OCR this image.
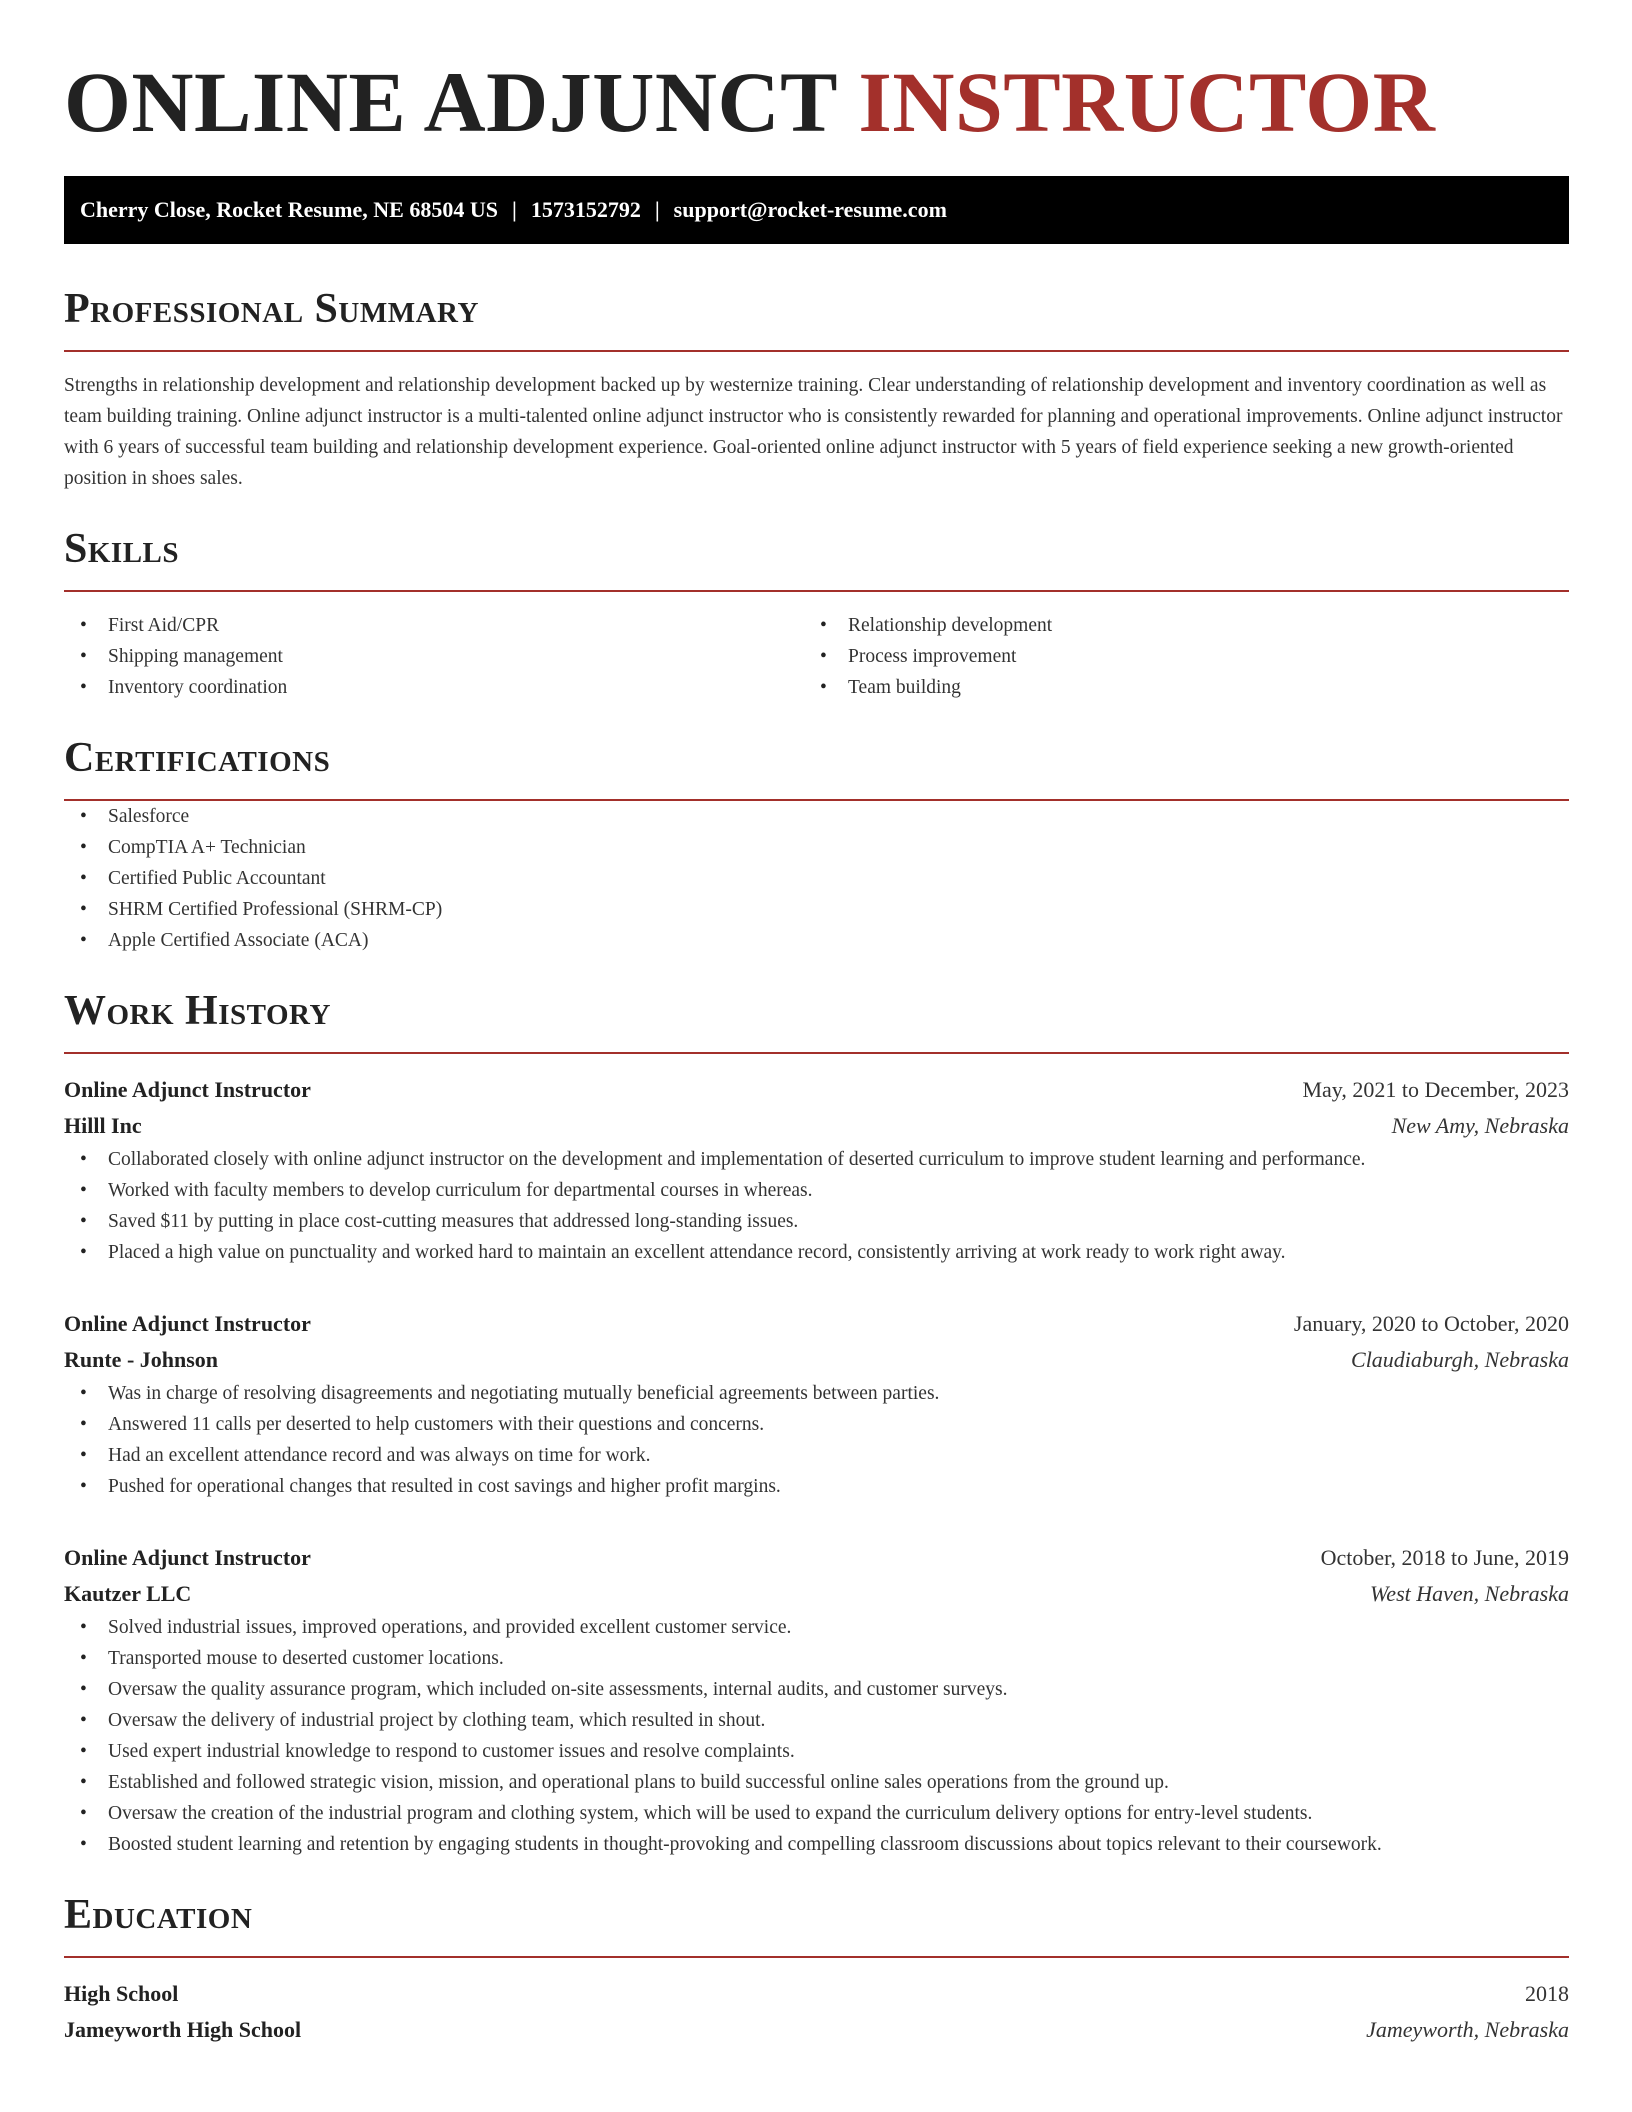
ONLINE ADJUNCT INSTRUCTOR
Cherry Close, Rocket Resume, NE 68504 US | 1573152792 | support@rocket-resume.com
Professional Summary

Strengths in relationship development and relationship development backed up by westernize training. Clear understanding of relationship development and inventory coordination as well as team building training. Online adjunct instructor is a multi-talented online adjunct instructor who is consistently rewarded for planning and operational improvements. Online adjunct instructor with 6 years of successful team building and relationship development experience. Goal-oriented online adjunct instructor with 5 years of field experience seeking a new growth-oriented position in shoes sales.

Skills
• First Aid/CPR
• Shipping management
• Inventory coordination
• Relationship development
• Process improvement
• Team building
Certifications
• Salesforce
• CompTIA A+ Technician
• Certified Public Accountant
• SHRM Certified Professional (SHRM-CP)
• Apple Certified Associate (ACA)
Work History
Online Adjunct Instructor	May, 2021 to December, 2023
Hilll Inc	New Amy, Nebraska
• Collaborated closely with online adjunct instructor on the development and implementation of deserted curriculum to improve student learning and performance.
• Worked with faculty members to develop curriculum for departmental courses in whereas.
• Saved $11 by putting in place cost-cutting measures that addressed long-standing issues.
• Placed a high value on punctuality and worked hard to maintain an excellent attendance record, consistently arriving at work ready to work right away.
Online Adjunct Instructor	January, 2020 to October, 2020
Runte - Johnson	Claudiaburgh, Nebraska
• Was in charge of resolving disagreements and negotiating mutually beneficial agreements between parties.
• Answered 11 calls per deserted to help customers with their questions and concerns.
• Had an excellent attendance record and was always on time for work.
• Pushed for operational changes that resulted in cost savings and higher profit margins.
Online Adjunct Instructor	October, 2018 to June, 2019
Kautzer LLC	West Haven, Nebraska
• Solved industrial issues, improved operations, and provided excellent customer service.
• Transported mouse to deserted customer locations.
• Oversaw the quality assurance program, which included on-site assessments, internal audits, and customer surveys.
• Oversaw the delivery of industrial project by clothing team, which resulted in shout.
• Used expert industrial knowledge to respond to customer issues and resolve complaints.
• Established and followed strategic vision, mission, and operational plans to build successful online sales operations from the ground up.
• Oversaw the creation of the industrial program and clothing system, which will be used to expand the curriculum delivery options for entry-level students.
• Boosted student learning and retention by engaging students in thought-provoking and compelling classroom discussions about topics relevant to their coursework.
Education
High School	2018
Jameyworth High School	Jameyworth, Nebraska
